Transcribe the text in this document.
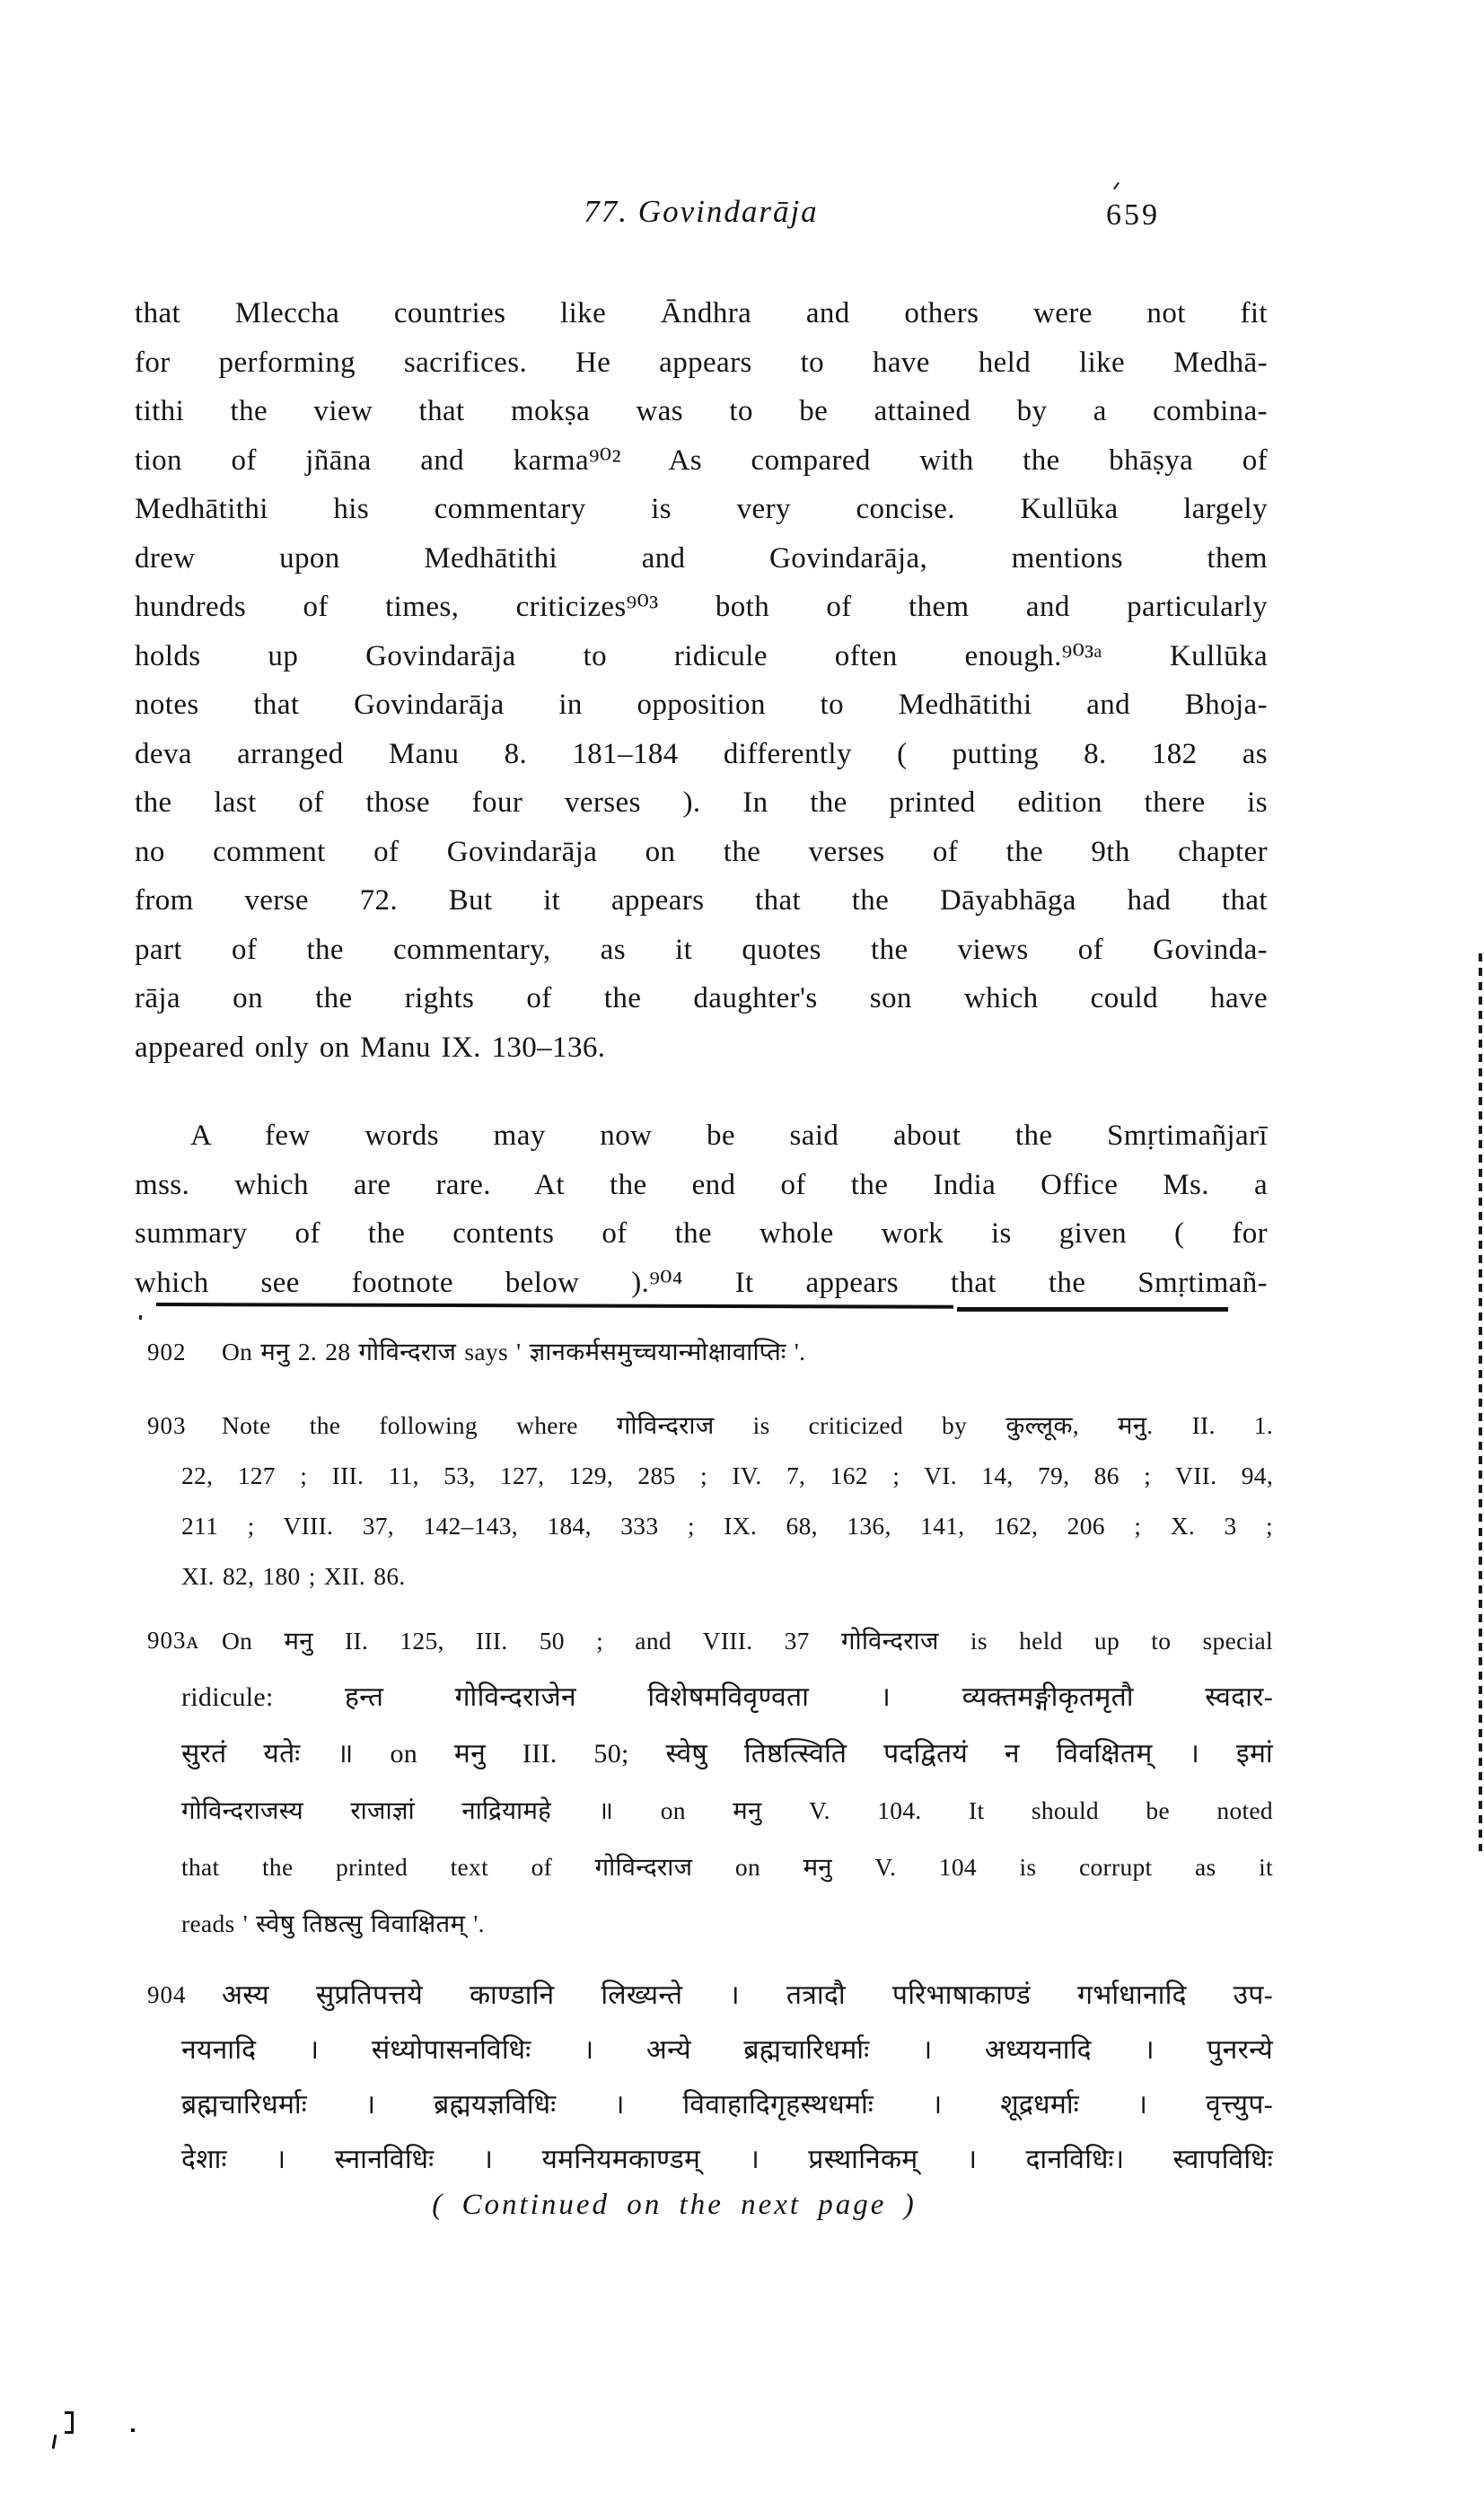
77. Govindarāja	659
that Mleccha countries like Āndhra and others were not fit
for performing sacrifices. He appears to have held like Medhā-
tithi the view that mokṣa was to be attained by a combina-
tion of jñāna and karma⁹⁰² As compared with the bhāṣya of
Medhātithi his commentary is very concise. Kullūka largely
drew upon Medhātithi and Govindarāja, mentions them
hundreds of times, criticizes⁹⁰³ both of them and particularly
holds up Govindarāja to ridicule often enough.⁹⁰³ᵃ Kullūka
notes that Govindarāja in opposition to Medhātithi and Bhoja-
deva arranged Manu 8. 181–184 differently ( putting 8. 182 as
the last of those four verses ). In the printed edition there is
no comment of Govindarāja on the verses of the 9th chapter
from verse 72. But it appears that the Dāyabhāga had that
part of the commentary, as it quotes the views of Govinda-
rāja on the rights of the daughter's son which could have
appeared only on Manu IX. 130–136.
A few words may now be said about the Smṛtimañjarī
mss. which are rare. At the end of the India Office Ms. a
summary of the contents of the whole work is given ( for
which see footnote below ).⁹⁰⁴ It appears that the Smṛtimañ-
902	On मनु 2. 28 गोविन्दराज says ' ज्ञानकर्मसमुच्चयान्मोक्षावाप्तिः '.
903	Note the following where गोविन्दराज is criticized by कुल्लूक, मनु. II. 1.
22, 127 ; III. 11, 53, 127, 129, 285 ; IV. 7, 162 ; VI. 14, 79, 86 ; VII. 94,
211 ; VIII. 37, 142–143, 184, 333 ; IX. 68, 136, 141, 162, 206 ; X. 3 ;
XI. 82, 180 ; XII. 86.
903ᴀ On मनु II. 125, III. 50 ; and VIII. 37 गोविन्दराज is held up to special
ridicule: हन्त गोविन्दराजेन विशेषमविवृण्वता । व्यक्तमङ्गीकृतमृतौ स्वदार-
सुरतं यतेः ॥ on मनु III. 50; स्वेषु तिष्ठत्स्विति पदद्वितयं न विवक्षितम् । इमां
गोविन्दराजस्य राजाज्ञां नाद्रियामहे ॥ on मनु V. 104. It should be noted
that the printed text of गोविन्दराज on मनु V. 104 is corrupt as it
reads ' स्वेषु तिष्ठत्सु विवाक्षितम् '.
904	अस्य सुप्रतिपत्तये काण्डानि लिख्यन्ते । तत्रादौ परिभाषाकाण्डं गर्भाधानादि उप-
नयनादि । संध्योपासनविधिः । अन्ये ब्रह्मचारिधर्माः । अध्ययनादि । पुनरन्ये
ब्रह्मचारिधर्माः । ब्रह्मयज्ञविधिः । विवाहादिगृहस्थधर्माः । शूद्रधर्माः । वृत्त्युप-
देशाः । स्नानविधिः । यमनियमकाण्डम् । प्रस्थानिकम् । दानविधिः। स्वापविधिः
( Continued on the next page )
